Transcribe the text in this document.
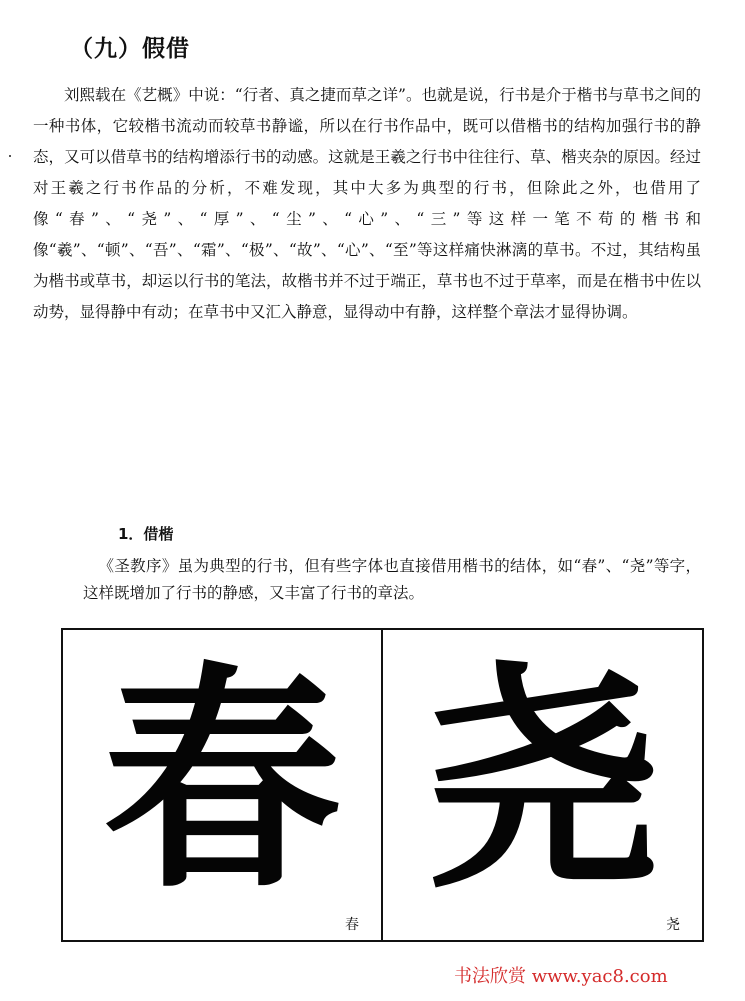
（九）假借

刘熙载在《艺概》中说：“行者、真之捷而草之详”。也就是说，行书是介于楷书与草书之间的一种书体，它较楷书流动而较草书静谧，所以在行书作品中，既可以借楷书的结构加强行书的静态，又可以借草书的结构增添行书的动感。这就是王羲之行书中往往行、草、楷夹杂的原因。经过对王羲之行书作品的分析，不难发现，其中大多为典型的行书，但除此之外，也借用了像“春”、“尧”、“厚”、“尘”、“心”、“三”等这样一笔不苟的楷书和像“羲”、“顿”、“吾”、“霜”、“极”、“故”、“心”、“至”等这样痛快淋漓的草书。不过，其结构虽为楷书或草书，却运以行书的笔法，故楷书并不过于端正，草书也不过于草率，而是在楷书中佐以动势，显得静中有动；在草书中又汇入静意，显得动中有静，这样整个章法才显得协调。

1．借楷

《圣教序》虽为典型的行书，但有些字体也直接借用楷书的结体，如“春”、“尧”等字，这样既增加了行书的静感，又丰富了行书的章法。

春
春
尧
尧
书法欣赏 www.yac8.com
